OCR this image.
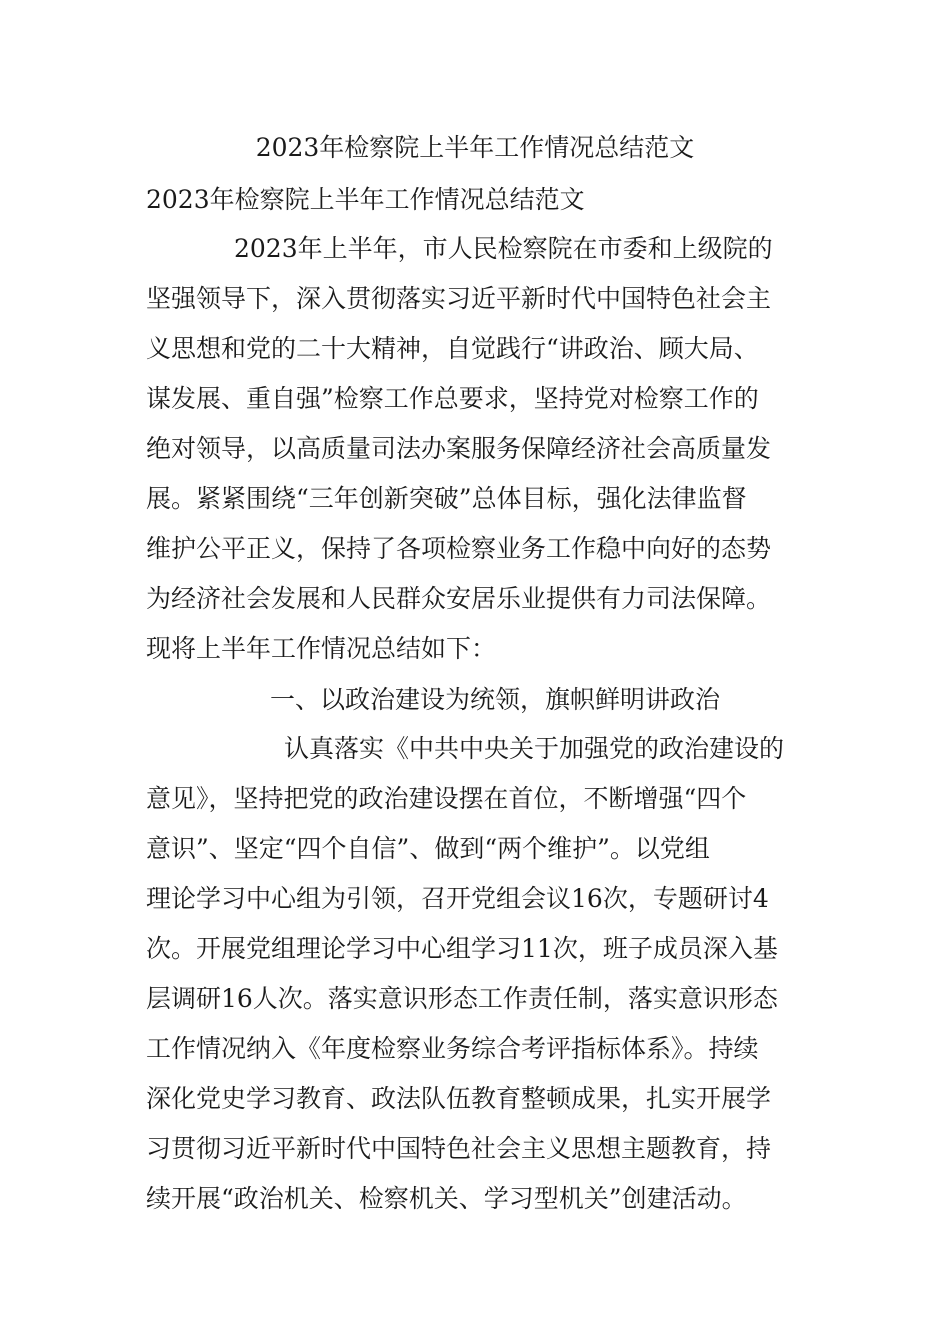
2023年检察院上半年工作情况总结范文
2023年检察院上半年工作情况总结范文
2023年上半年，市人民检察院在市委和上级院的
坚强领导下，深入贯彻落实习近平新时代中国特色社会主
义思想和党的二十大精神，自觉践行“讲政治、顾大局、
谋发展、重自强”检察工作总要求，坚持党对检察工作的
绝对领导，以高质量司法办案服务保障经济社会高质量发
展。紧紧围绕“三年创新突破”总体目标，强化法律监督
维护公平正义，保持了各项检察业务工作稳中向好的态势
为经济社会发展和人民群众安居乐业提供有力司法保障。
现将上半年工作情况总结如下：
一、以政治建设为统领，旗帜鲜明讲政治
认真落实《中共中央关于加强党的政治建设的
意见》，坚持把党的政治建设摆在首位，不断增强“四个
意识”、坚定“四个自信”、做到“两个维护”。以党组
理论学习中心组为引领，召开党组会议16次，专题研讨4
次。开展党组理论学习中心组学习11次，班子成员深入基
层调研16人次。落实意识形态工作责任制，落实意识形态
工作情况纳入《年度检察业务综合考评指标体系》。持续
深化党史学习教育、政法队伍教育整顿成果，扎实开展学
习贯彻习近平新时代中国特色社会主义思想主题教育，持
续开展“政治机关、检察机关、学习型机关”创建活动。
